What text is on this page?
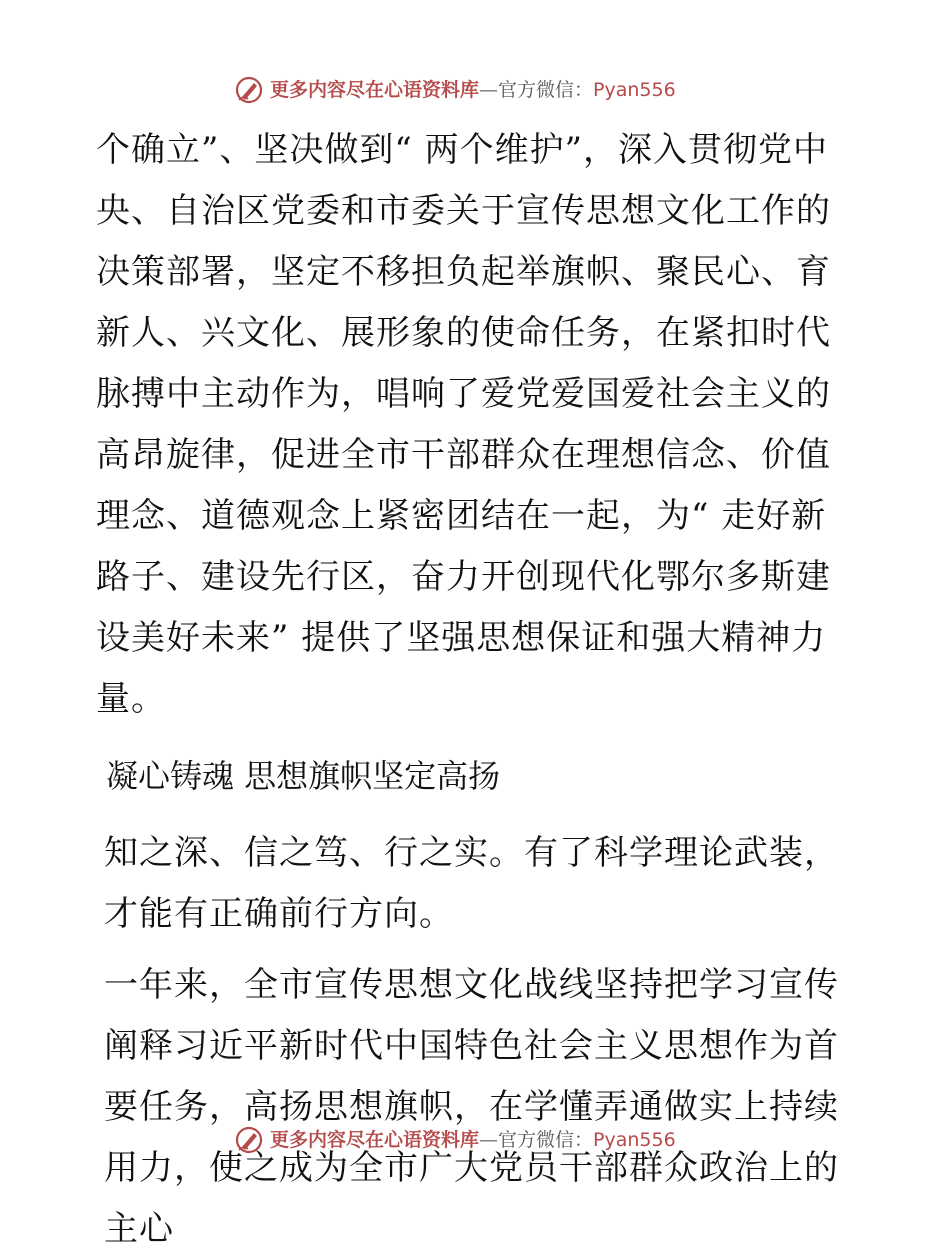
更多内容尽在心语资料库 — 官方微信： Pyan556

个确立”、坚决做到“ 两个维护”，深入贯彻党中央、自治区党委和市委关于宣传思想文化工作的决策部署，坚定不移担负起举旗帜、聚民心、育新人、兴文化、展形象的使命任务，在紧扣时代脉搏中主动作为，唱响了爱党爱国爱社会主义的高昂旋律，促进全市干部群众在理想信念、价值理念、道德观念上紧密团结在一起，为“ 走好新路子、建设先行区，奋力开创现代化鄂尔多斯建设美好未来” 提供了坚强思想保证和强大精神力量。

凝心铸魂 思想旗帜坚定高扬

知之深、信之笃、行之实。有了科学理论武装，才能有正确前行方向。

一年来，全市宣传思想文化战线坚持把学习宣传阐释习近平新时代中国特色社会主义思想作为首要任务，高扬思想旗帜，在学懂弄通做实上持续用力，使之成为全市广大党员干部群众政治上的主心

更多内容尽在心语资料库 — 官方微信： Pyan556
